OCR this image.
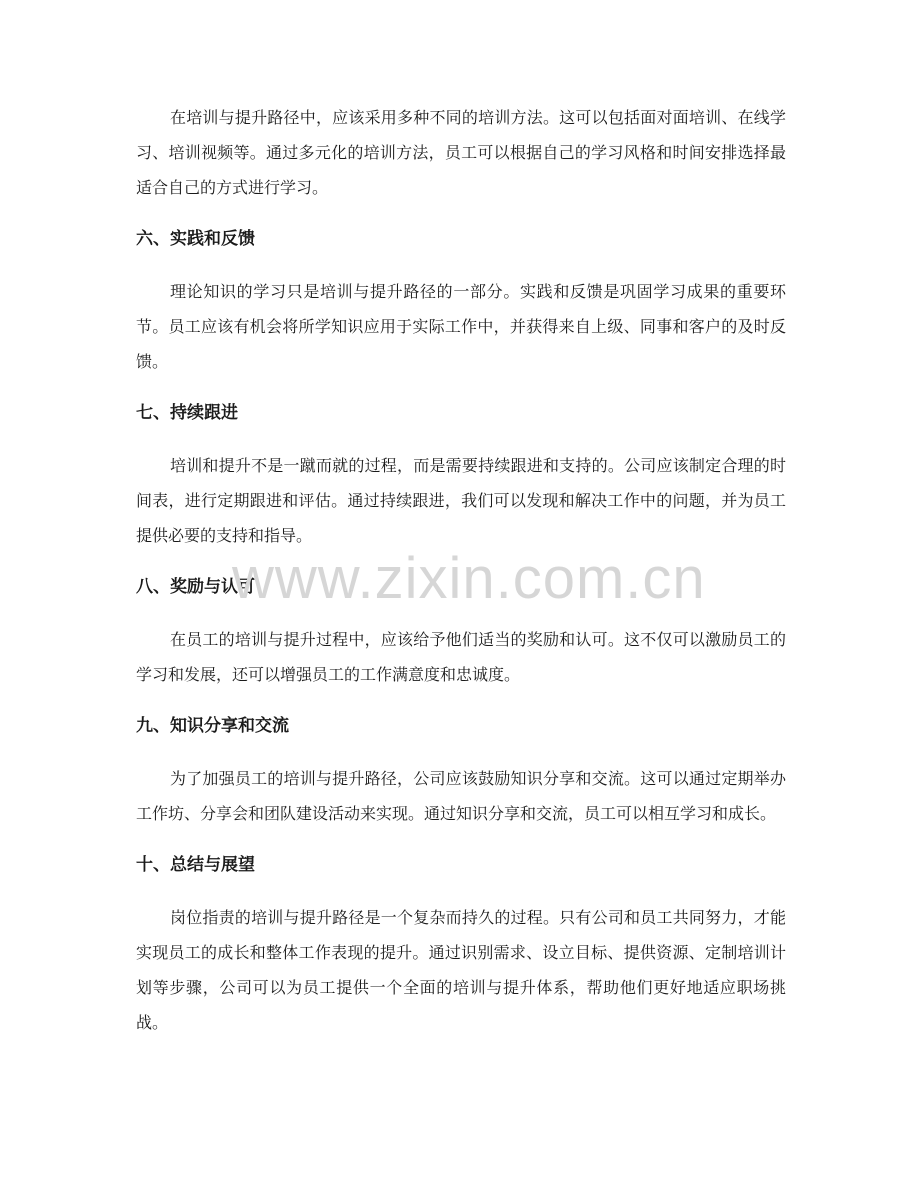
在培训与提升路径中，应该采用多种不同的培训方法。这可以包括面对面培训、在线学习、培训视频等。通过多元化的培训方法，员工可以根据自己的学习风格和时间安排选择最适合自己的方式进行学习。

六、实践和反馈

理论知识的学习只是培训与提升路径的一部分。实践和反馈是巩固学习成果的重要环节。员工应该有机会将所学知识应用于实际工作中，并获得来自上级、同事和客户的及时反馈。

七、持续跟进

培训和提升不是一蹴而就的过程，而是需要持续跟进和支持的。公司应该制定合理的时间表，进行定期跟进和评估。通过持续跟进，我们可以发现和解决工作中的问题，并为员工提供必要的支持和指导。

八、奖励与认可

在员工的培训与提升过程中，应该给予他们适当的奖励和认可。这不仅可以激励员工的学习和发展，还可以增强员工的工作满意度和忠诚度。

九、知识分享和交流

为了加强员工的培训与提升路径，公司应该鼓励知识分享和交流。这可以通过定期举办工作坊、分享会和团队建设活动来实现。通过知识分享和交流，员工可以相互学习和成长。

十、总结与展望

岗位指责的培训与提升路径是一个复杂而持久的过程。只有公司和员工共同努力，才能实现员工的成长和整体工作表现的提升。通过识别需求、设立目标、提供资源、定制培训计划等步骤，公司可以为员工提供一个全面的培训与提升体系，帮助他们更好地适应职场挑战。

www.zixin.com.cn
